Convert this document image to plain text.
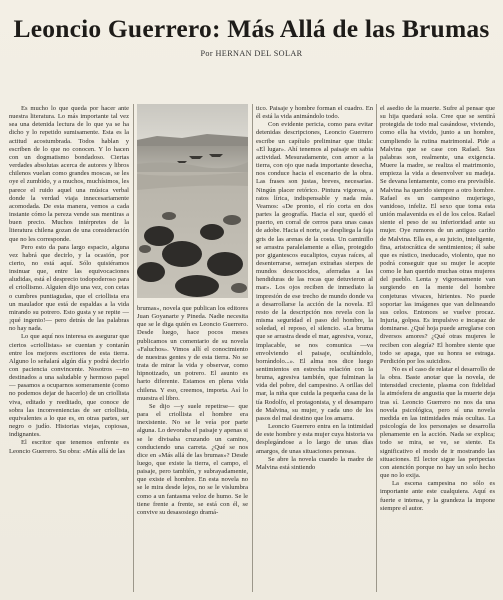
Leoncio Guerrero: Más Allá de las Brumas
Por HERNAN DEL SOLAR

Es mucho lo que queda por hacer ante nuestra literatura. Lo más importante tal vez sea una detenida lectura de lo que ya se ha dicho y lo repetido sumisamente. Esta es la actitud acostumbrada. Todos hablan y escriben de lo que no conocen. Y lo hacen con un dogmatismo bondadoso. Ciertas verdades absolutas acerca de autores y libros chilenos vuelan como grandes moscas, se les oye el zumbido, y a muchos, muchísimos, les parece el ruido aquel una música verbal donde la verdad viaja innecesariamente acomodada. De esta manera, vemos a cada instante cómo la pereza vende sus mentiras a buen precio. Muchos intérpretes de la literatura chilena gozan de una consideración que no les corresponde.

Pero esto da para largo espacio, alguna vez habrá que decirlo, y la ocasión, por cierto, no está aquí. Sólo quisiéramos insinuar que, entre las equivocaciones aludidas, está el desprecio todopoderoso para el criollismo. Alguien dijo una vez, con cetas o cumbres puntiagudas, que el criollista era un maulador que está de espaldas a la vida mirando su potrero. Esto gusta y se repite —¡qué ingenio!— pero detrás de las palabras no hay nada.

Lo que aquí nos interesa es asegurar que ciertos «criollistas» se cuentan y contarán entre los mejores escritores de esta tierra. Alguno lo señalará algún día y podrá decirlo con paciencia convincente. Nosotros —no destinados a una saludable y hermoso papel— pasamos a ocuparnos someramente (como no podemos dejar de hacerlo) de un criollista viva, editado y reeditado, que conoce de sobra las inconveniencias de ser criollista, equivalentes a lo que es, en otras partes, ser negro o judío. Historias viejas, copiosas, indignantes.

El escritor que tenemos enfrente es Leoncio Guerrero. Su obra: «Más allá de las

brumas», novela que publican los editores Juan Goyanarte y Pineda. Nadie necesita que se le diga quién es Leoncio Guerrero. Desde luego, hace pocos meses publicamos un comentario de su novela «Faluchos». Vimos allí el conocimiento de nuestras gentes y de esta tierra. No se trata de mirar la vida y observar, como hipnotizado, un potrero. El asunto es harto diferente. Estamos en plena vida chilena. Y eso, creemos, importa. Así lo muestra el libro.

Se dijo —y suele repetirse— que para el criollista el hombre era inexistente. No se le veía por parte alguna. Lo devoraba el paisaje y apenas si se le divisaba cruzando un camino, conduciendo una carreta. ¿Qué se nos dice en «Más allá de las brumas»? Desde luego, que existe la tierra, el campo, el paisaje, pero también, y subrayadamente, que existe el hombre. En esta novela no se le mira desde lejos, no se le vislumbra como a un fantasma veloz de humo. Se le tiene frente a frente, se está con él, se convive su desasosiego dramá-

tico. Paisaje y hombre forman el cuadro. En él está la vida animándolo todo.

Con evidente pericia, como para evitar detenidas descripciones, Leoncio Guerrero escribe un capítulo preliminar que titula: «El lugar». Ahí tenemos al paisaje en sabia actividad. Mesuradamente, con amor a la tierra, con ojo que nada importante desecha, nos conduce hacia el escenario de la obra. Las frases son justas, breves, necesarias. Ningún placer retórico. Pintura vigorosa, a ratos lírica, indispensable y nada más. Veamos: «De pronto, el río corta en dos partes la geografía. Hacia el sur, quedó el puerto, en corral de cerros para unas casas de adobe. Hacia el norte, se despliega la faja gris de las arenas de la costa. Un caminillo se arrastra paralelamente a ellas, protegido por gigantescos eucaliptos, cuyas raíces, al desenterrarse, semejan extrañas sierpes de mundos desconocidos, aferradas a las hendiduras de las rocas que detuvieron al mar». Los ojos reciben de inmediato la impresión de ese trecho de mundo donde va a desarrollarse la acción de la novela. El resto de la descripción nos revela con la misma seguridad el paso del hombre, la soledad, el reposo, el silencio. «La bruma que se arrastra desde el mar, agresiva, voraz, implacable, se nos comunica —va envolviendo el paisaje, ocultándolo, borrándolo...». El alma nos dice luego sentimientos en estrecha relación con la bruma, agresiva también, que fulminan la vida del pobre, del campesino. A orillas del mar, la niña que cuida la pequeña casa de la tía Rodolfo, el protagonista, y el desamparo de Malvina, su mujer, y cada uno de los pasos del mal destino que los amarra.

Leoncio Guerrero entra en la intimidad de este hombre y esta mujer cuya historia va desplegándose a lo largo de unas días amargos, de unas situaciones penosas.

Se abre la novela cuando la madre de Malvina está sintiendo

el asedio de la muerte. Sufre al pensar que su hija quedará sola. Cree que se sentirá protegida de todo mal casándose, viviendo, como ella ha vivido, junto a un hombre, cumpliendo la rutina matrimonial. Pide a Malvina que se case con Rafael. Sus palabras son, realmente, una exigencia. Muere la madre, se realiza el matrimonio, empieza la vida a desenvolver su madeja. Se devana lentamente, como era previsible. Malvina ha querido siempre a otro hombre. Rafael es un campesino mujeriego, vanidoso, infeliz. El sexo que toma esta unión malavenida es el de los celos. Rafael siente el peso de su inferioridad ante su mujer. Oye rumores de un antiguo cariño de Malvina. Ella es, a su juicio, inteligente, fina, aristocrática de sentimientos; él sabe que es rústico, ineducado, violento, que no podrá conseguir que su mujer le acepte como le han querido muchas otras mujeres del pueblo. Lenta y vigorosamente van surgiendo en la mente del hombre conjeturas vivaces, hirientes. No puede soportar las imágenes que van delineando sus celos. Entonces se vuelve procaz. Injuria, golpea. Es impulsivo e incapaz de dominarse. ¿Qué hoja puede arreglarse con diversos amores? ¿Qué otras mujeres le reciben con alegría? El hombre siente que todo se apaga, que su honra se estraga. Perdición por los suicidios.

No es el caso de relatar el desarrollo de la obra. Baste anotar que la novela, de intensidad creciente, plasma con fidelidad la atmósfera de angustia que la muerte deja tras sí. Leoncio Guerrero no nos da una novela psicológica, pero sí una novela medida en las intimidades más ocultas. La psicología de los personajes se desarrolla plenamente en la acción. Nada se explica; todo se mira, se ve, se siente. Es significativo el modo de ir mostrando las situaciones. El lector sigue las peripecias con atención porque no hay un solo hecho que no lo exija.

La escena campesina no sólo es importante ante este cualquiera. Aquí es fuerte e intensa, y la grandeza la impone siempre el autor.
